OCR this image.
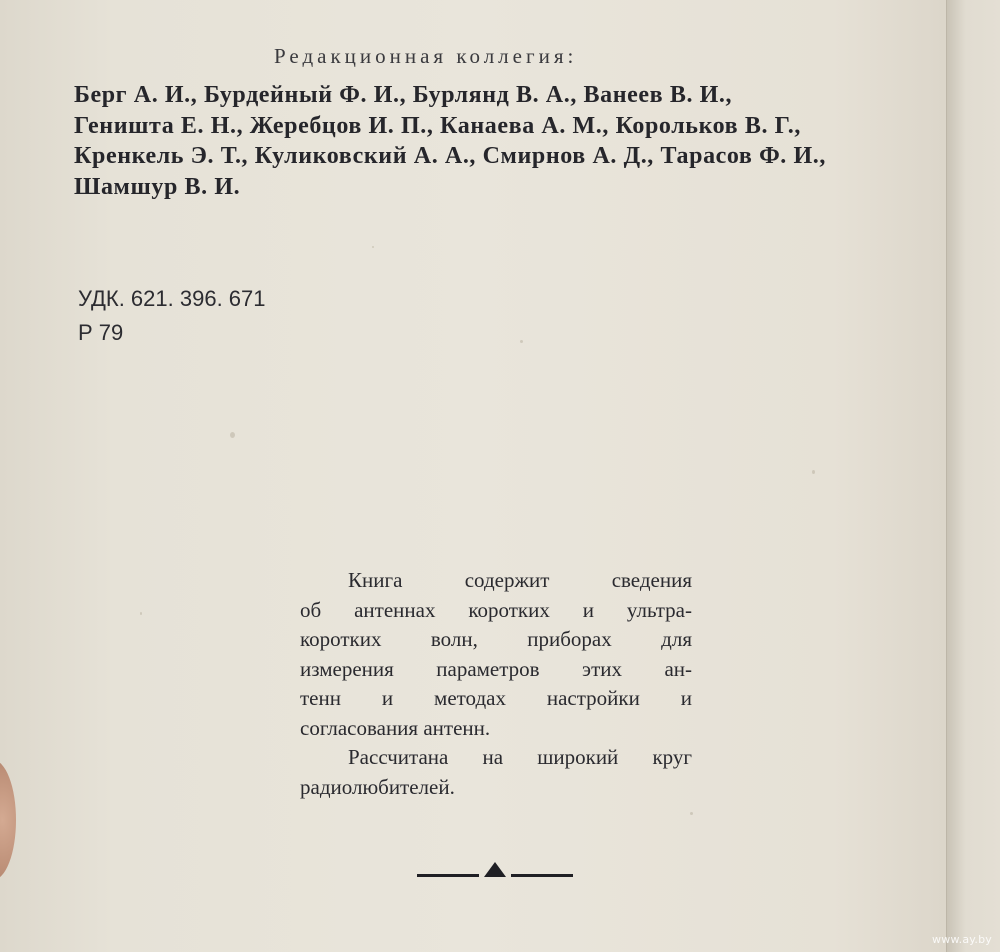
Редакционная коллегия:
Берг А. И., Бурдейный Ф. И., Бурлянд В. А., Ванеев В. И.,
Геништа Е. Н., Жеребцов И. П., Канаева А. М., Корольков В. Г.,
Кренкель Э. Т., Куликовский А. А., Смирнов А. Д., Тарасов Ф. И.,
Шамшур В. И.
УДК. 621. 396. 671
Р 79
Книга содержит сведения
об антеннах коротких и ультра-
коротких волн, приборах для
измерения параметров этих ан-
тенн и методах настройки и
согласования антенн.
Рассчитана на широкий круг
радиолюбителей.
www.ay.by
